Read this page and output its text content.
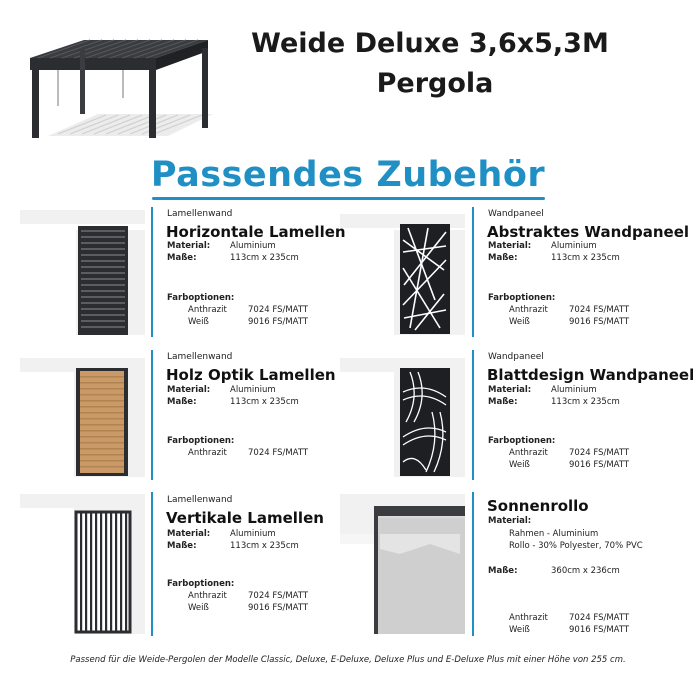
Weide Deluxe 3,6x5,3M
Pergola
Passendes Zubehör
Lamellenwand
Horizontale Lamellen
Material: Aluminium
Maße:	113cm x 235cm
Farboptionen:
Anthrazit 7024 FS/MATT
Weiß	9016 FS/MATT
Wandpaneel
Abstraktes Wandpaneel
Material: Aluminium
Maße:	113cm x 235cm
Farboptionen:
Anthrazit 7024 FS/MATT
Weiß	9016 FS/MATT
Lamellenwand
Holz Optik Lamellen
Material: Aluminium
Maße:	113cm x 235cm
Farboptionen:
Anthrazit 7024 FS/MATT
Wandpaneel
Blattdesign Wandpaneel
Material: Aluminium
Maße:	113cm x 235cm
Farboptionen:
Anthrazit 7024 FS/MATT
Weiß	9016 FS/MATT
Lamellenwand
Vertikale Lamellen
Material: Aluminium
Maße:	113cm x 235cm
Farboptionen:
Anthrazit 7024 FS/MATT
Weiß	9016 FS/MATT
Sonnenrollo
Material:
Rahmen - Aluminium
Rollo - 30% Polyester, 70% PVC
Maße:	360cm x 236cm
Anthrazit 7024 FS/MATT
Weiß	9016 FS/MATT
Passend für die Weide-Pergolen der Modelle Classic, Deluxe, E-Deluxe, Deluxe Plus und E-Deluxe Plus mit einer Höhe von 255 cm.
